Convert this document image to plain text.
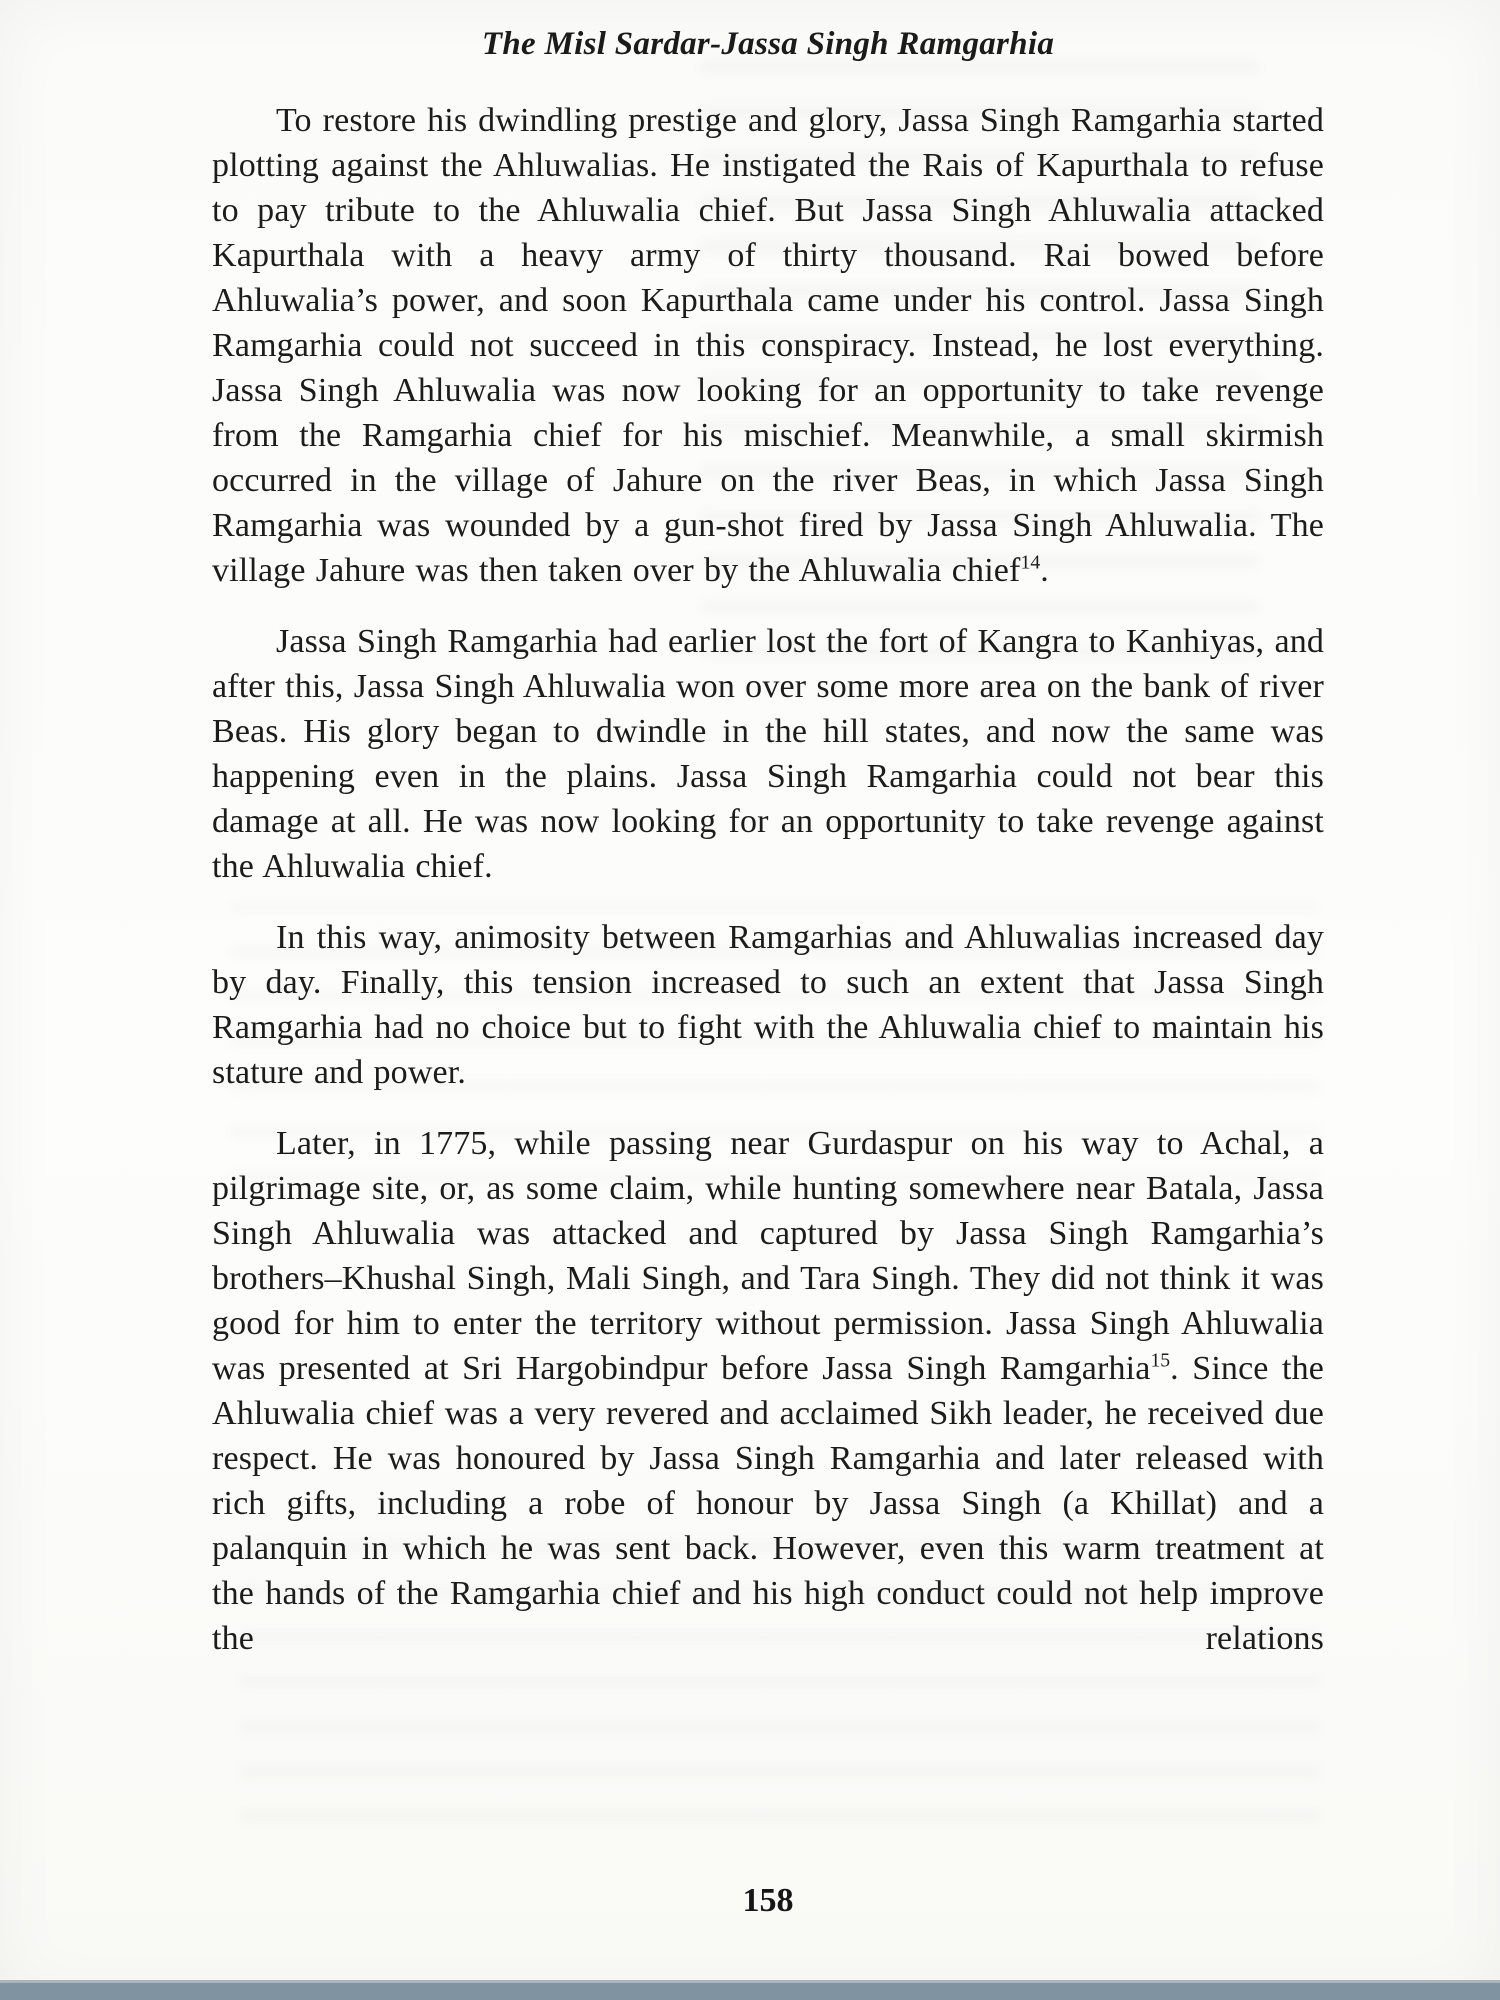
The Misl Sardar-Jassa Singh Ramgarhia

To restore his dwindling prestige and glory, Jassa Singh Ramgarhia started plotting against the Ahluwalias. He instigated the Rais of Kapurthala to refuse to pay tribute to the Ahluwalia chief. But Jassa Singh Ahluwalia attacked Kapurthala with a heavy army of thirty thousand. Rai bowed before Ahluwalia’s power, and soon Kapurthala came under his control. Jassa Singh Ramgarhia could not succeed in this conspiracy. Instead, he lost everything. Jassa Singh Ahluwalia was now looking for an opportunity to take revenge from the Ramgarhia chief for his mischief. Meanwhile, a small skirmish occurred in the village of Jahure on the river Beas, in which Jassa Singh Ramgarhia was wounded by a gun-shot fired by Jassa Singh Ahluwalia. The village Jahure was then taken over by the Ahluwalia chief$^{14}$.

Jassa Singh Ramgarhia had earlier lost the fort of Kangra to Kanhiyas, and after this, Jassa Singh Ahluwalia won over some more area on the bank of river Beas. His glory began to dwindle in the hill states, and now the same was happening even in the plains. Jassa Singh Ramgarhia could not bear this damage at all. He was now looking for an opportunity to take revenge against the Ahluwalia chief.

In this way, animosity between Ramgarhias and Ahluwalias increased day by day. Finally, this tension increased to such an extent that Jassa Singh Ramgarhia had no choice but to fight with the Ahluwalia chief to maintain his stature and power.

Later, in 1775, while passing near Gurdaspur on his way to Achal, a pilgrimage site, or, as some claim, while hunting somewhere near Batala, Jassa Singh Ahluwalia was attacked and captured by Jassa Singh Ramgarhia’s brothers–Khushal Singh, Mali Singh, and Tara Singh. They did not think it was good for him to enter the territory without permission. Jassa Singh Ahluwalia was presented at Sri Hargobindpur before Jassa Singh Ramgarhia$^{15}$. Since the Ahluwalia chief was a very revered and acclaimed Sikh leader, he received due respect. He was honoured by Jassa Singh Ramgarhia and later released with rich gifts, including a robe of honour by Jassa Singh (a Khillat) and a palanquin in which he was sent back. However, even this warm treatment at the hands of the Ramgarhia chief and his high conduct could not help improve the relations

158
